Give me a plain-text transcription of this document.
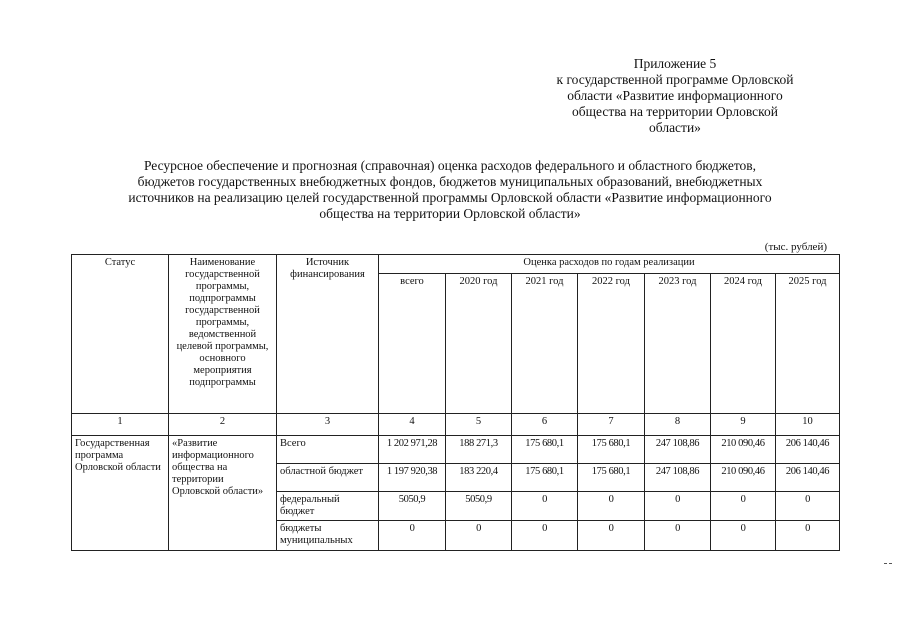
Приложение 5
к государственной программе Орловской
области «Развитие информационного
общества на территории Орловской
области»
Ресурсное обеспечение и прогнозная (справочная) оценка расходов федерального и областного бюджетов,
бюджетов государственных внебюджетных фондов, бюджетов муниципальных образований, внебюджетных
источников на реализацию целей государственной программы Орловской области «Развитие информационного
общества на территории Орловской области»
(тыс. рублей)
Статус	Наименование государственной программы, подпрограммы государственной программы, ведомственной целевой программы, основного мероприятия подпрограммы	Источник финансирования	Оценка расходов по годам реализации						
			всего	2020 год	2021 год	2022 год	2023 год	2024 год	2025 год
1	2	3	4	5	6	7	8	9	10
Государственная программа Орловской области	«Развитие информационного общества на территории Орловской области»	Всего	1 202 971,28	188 271,3	175 680,1	175 680,1	247 108,86	210 090,46	206 140,46
		областной бюджет	1 197 920,38	183 220,4	175 680,1	175 680,1	247 108,86	210 090,46	206 140,46
		федеральный бюджет	5050,9	5050,9	0	0	0	0	0
		бюджеты муниципальных	0	0	0	0	0	0	0
